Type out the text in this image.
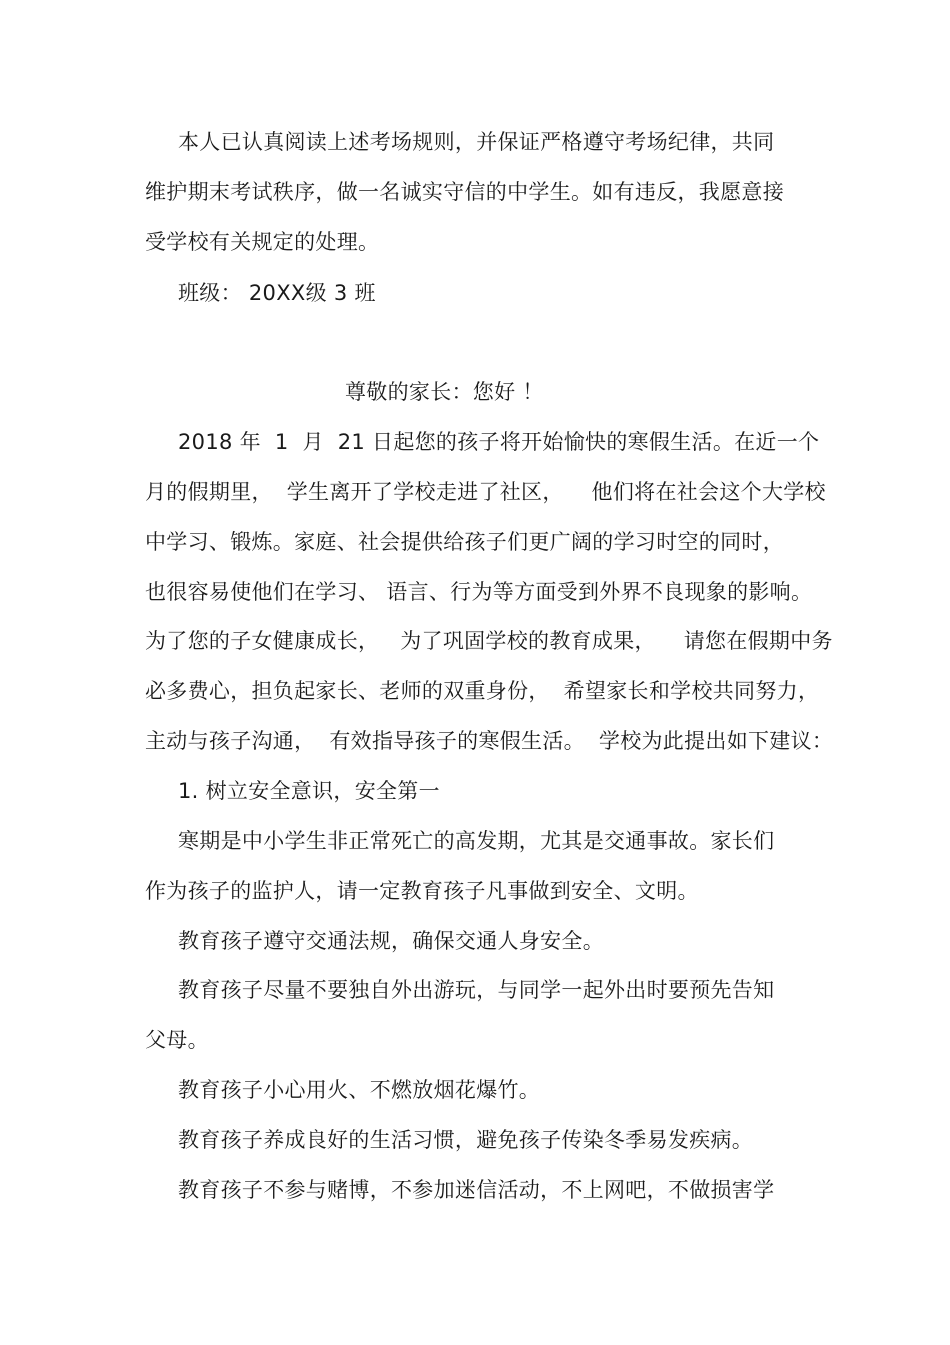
本人已认真阅读上述考场规则，并保证严格遵守考场纪律，共同
维护期末考试秩序，做一名诚实守信的中学生。如有违反，我愿意接
受学校有关规定的处理。
班级： 20XX级 3 班
尊敬的家长：您好 ！
2018 年  1  月  21 日起您的孩子将开始愉快的寒假生活。在近一个
月的假期里，  学生离开了学校走进了社区，    他们将在社会这个大学校
中学习、锻炼。家庭、社会提供给孩子们更广阔的学习时空的同时，
也很容易使他们在学习、 语言、行为等方面受到外界不良现象的影响。
为了您的子女健康成长，   为了巩固学校的教育成果，    请您在假期中务
必多费心，担负起家长、老师的双重身份，  希望家长和学校共同努力，
主动与孩子沟通，  有效指导孩子的寒假生活。  学校为此提出如下建议：
1. 树立安全意识，安全第一
寒期是中小学生非正常死亡的高发期，尤其是交通事故。家长们
作为孩子的监护人，请一定教育孩子凡事做到安全、文明。
教育孩子遵守交通法规，确保交通人身安全。
教育孩子尽量不要独自外出游玩，与同学一起外出时要预先告知
父母。
教育孩子小心用火、不燃放烟花爆竹。
教育孩子养成良好的生活习惯，避免孩子传染冬季易发疾病。
教育孩子不参与赌博，不参加迷信活动，不上网吧，不做损害学
